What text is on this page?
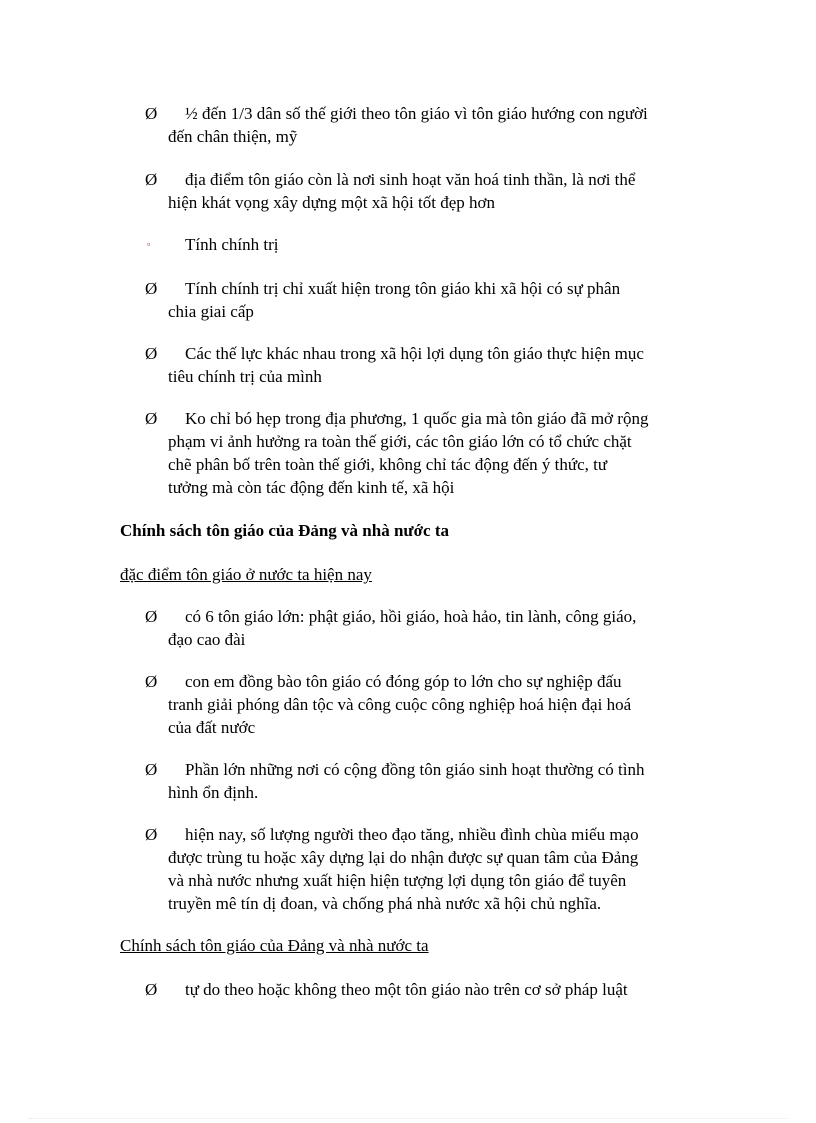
Ø	½ đến 1/3 dân số thế giới theo tôn giáo vì tôn giáo hướng con người
đến chân thiện, mỹ
Ø	địa điểm tôn giáo còn là nơi sinh hoạt văn hoá tinh thần, là nơi thể
hiện khát vọng xây dựng một xã hội tốt đẹp hơn
▫	Tính chính trị
Ø	Tính chính trị chỉ xuất hiện trong tôn giáo khi xã hội có sự phân
chia giai cấp
Ø	Các thế lực khác nhau trong xã hội lợi dụng tôn giáo thực hiện mục
tiêu chính trị của mình
Ø	Ko chỉ bó hẹp trong địa phương, 1 quốc gia mà tôn giáo đã mở rộng
phạm vi ảnh hưởng ra toàn thế giới, các tôn giáo lớn có tổ chức chặt
chẽ phân bố trên toàn thế giới, không chỉ tác động đến ý thức, tư
tưởng mà còn tác động đến kinh tế, xã hội
Chính sách tôn giáo của Đảng và nhà nước ta
đặc điểm tôn giáo ở nước ta hiện nay
Ø	có 6 tôn giáo lớn: phật giáo, hồi giáo, hoà hảo, tin lành, công giáo,
đạo cao đài
Ø	con em đồng bào tôn giáo có đóng góp to lớn cho sự nghiệp đấu
tranh giải phóng dân tộc và công cuộc công nghiệp hoá hiện đại hoá
của đất nước
Ø	Phần lớn những nơi có cộng đồng tôn giáo sinh hoạt thường có tình
hình ổn định.
Ø	hiện nay, số lượng người theo đạo tăng, nhiều đình chùa miếu mạo
được trùng tu hoặc xây dựng lại do nhận được sự quan tâm của Đảng
và nhà nước nhưng xuất hiện hiện tượng lợi dụng tôn giáo để tuyên
truyền mê tín dị đoan, và chống phá nhà nước xã hội chủ nghĩa.
Chính sách tôn giáo của Đảng và nhà nước ta
Ø	tự do theo hoặc không theo một tôn giáo nào trên cơ sở pháp luật
